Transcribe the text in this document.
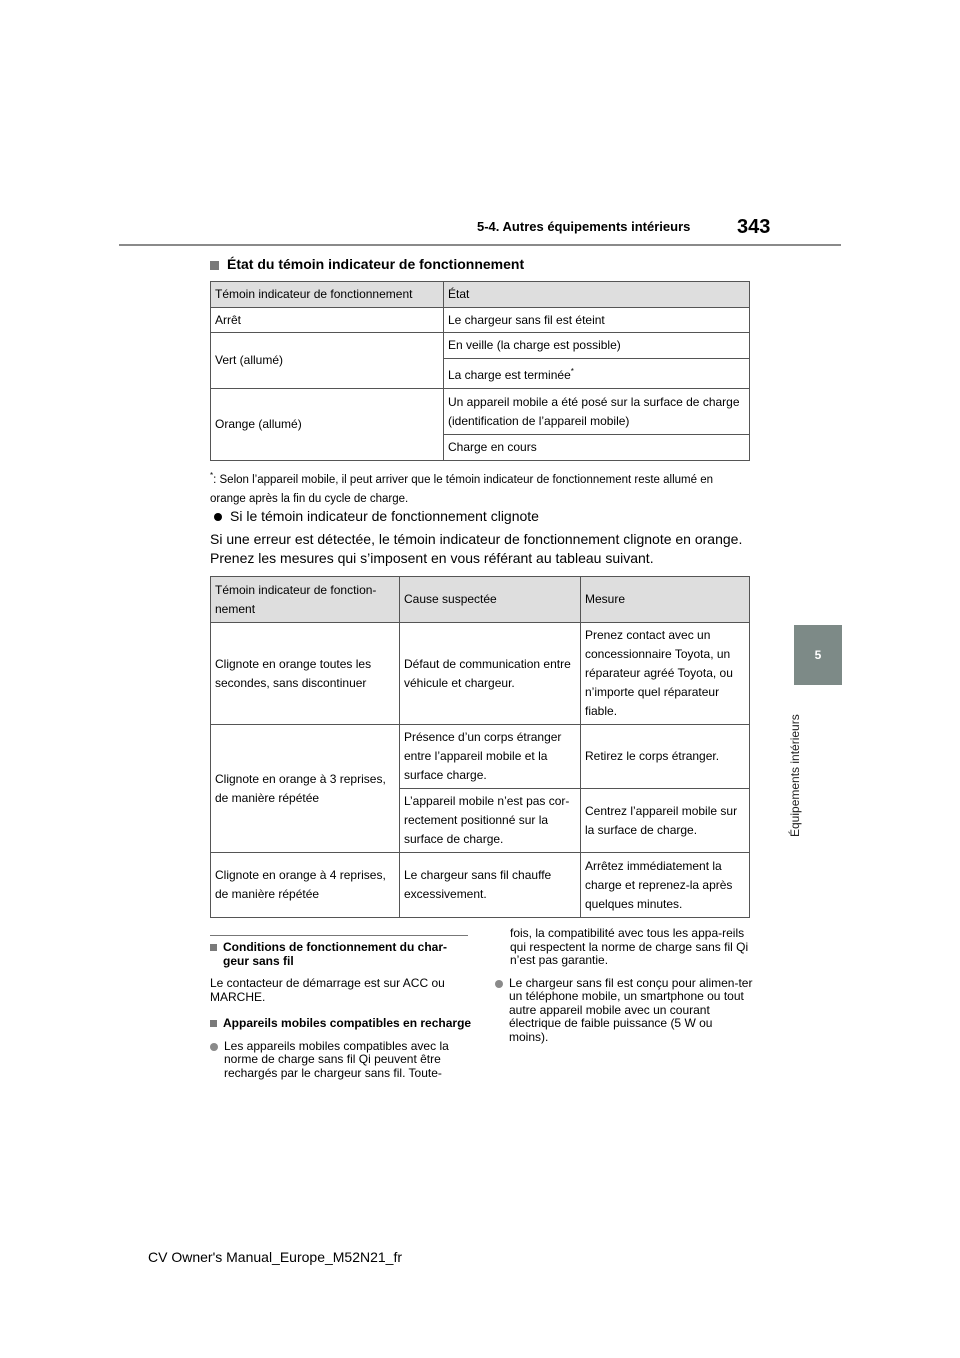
343
5-4. Autres équipements intérieurs
5
Équipements intérieurs
État du témoin indicateur de fonctionnement
Témoin indicateur de fonctionnement	État
Arrêt	Le chargeur sans fil est éteint
Vert (allumé)	En veille (la charge est possible)
	La charge est terminée*
Orange (allumé)	Un appareil mobile a été posé sur la surface de charge (identification de l’appareil mobile)
	Charge en cours
*: Selon l’appareil mobile, il peut arriver que le témoin indicateur de fonctionnement reste allumé en orange après la fin du cycle de charge.
Si le témoin indicateur de fonctionnement clignote
Si une erreur est détectée, le témoin indicateur de fonctionnement clignote en orange. Prenez les mesures qui s’imposent en vous référant au tableau suivant.
Témoin indicateur de fonction-nement	Cause suspectée	Mesure
Clignote en orange toutes les secondes, sans discontinuer	Défaut de communication entre véhicule et chargeur.	Prenez contact avec un concessionnaire Toyota, un réparateur agréé Toyota, ou n’importe quel réparateur fiable.
Clignote en orange à 3 reprises, de manière répétée	Présence d’un corps étranger entre l’appareil mobile et la surface charge.	Retirez le corps étranger.
	L’appareil mobile n’est pas cor-rectement positionné sur la surface de charge.	Centrez l’appareil mobile sur la surface de charge.
Clignote en orange à 4 reprises, de manière répétée	Le chargeur sans fil chauffe excessivement.	Arrêtez immédiatement la charge et reprenez-la après quelques minutes.
Conditions de fonctionnement du char-geur sans fil
Le contacteur de démarrage est sur ACC ou MARCHE.
Appareils mobiles compatibles en recharge
Les appareils mobiles compatibles avec la norme de charge sans fil Qi peuvent être rechargés par le chargeur sans fil. Toute-
fois, la compatibilité avec tous les appa-reils qui respectent la norme de charge sans fil Qi n’est pas garantie.
Le chargeur sans fil est conçu pour alimen-ter un téléphone mobile, un smartphone ou tout autre appareil mobile avec un courant électrique de faible puissance (5 W ou moins).
CV Owner's Manual_Europe_M52N21_fr
